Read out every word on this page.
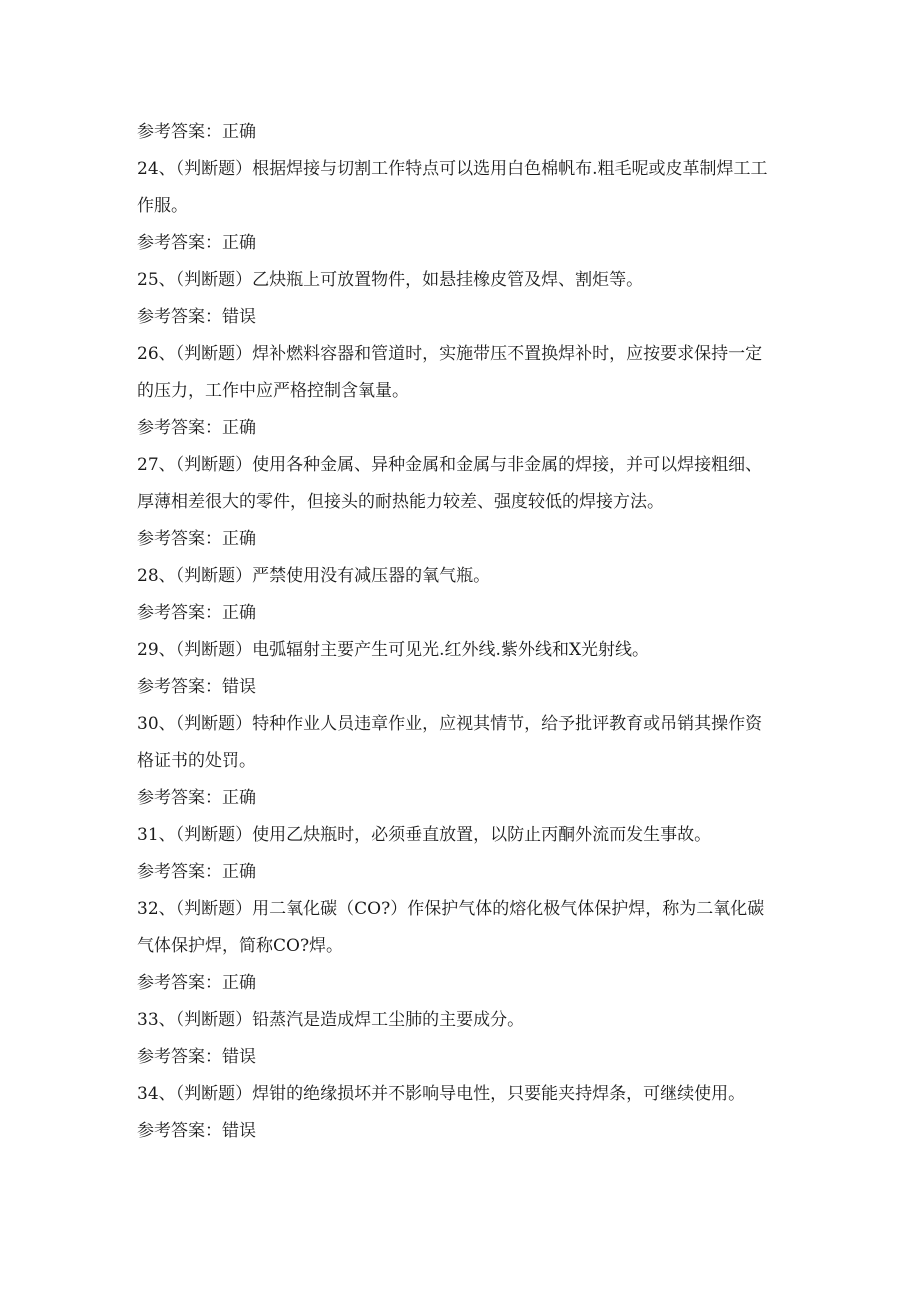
参考答案：正确
24、（判断题）根据焊接与切割工作特点可以选用白色棉帆布.粗毛呢或皮革制焊工工作服。
参考答案：正确
25、（判断题）乙炔瓶上可放置物件，如悬挂橡皮管及焊、割炬等。
参考答案：错误
26、（判断题）焊补燃料容器和管道时，实施带压不置换焊补时，应按要求保持一定的压力，工作中应严格控制含氧量。
参考答案：正确
27、（判断题）使用各种金属、异种金属和金属与非金属的焊接，并可以焊接粗细、厚薄相差很大的零件，但接头的耐热能力较差、强度较低的焊接方法。
参考答案：正确
28、（判断题）严禁使用没有减压器的氧气瓶。
参考答案：正确
29、（判断题）电弧辐射主要产生可见光.红外线.紫外线和X光射线。
参考答案：错误
30、（判断题）特种作业人员违章作业，应视其情节，给予批评教育或吊销其操作资格证书的处罚。
参考答案：正确
31、（判断题）使用乙炔瓶时，必须垂直放置，以防止丙酮外流而发生事故。
参考答案：正确
32、（判断题）用二氧化碳（CO?）作保护气体的熔化极气体保护焊，称为二氧化碳气体保护焊，简称CO?焊。
参考答案：正确
33、（判断题）铅蒸汽是造成焊工尘肺的主要成分。
参考答案：错误
34、（判断题）焊钳的绝缘损坏并不影响导电性，只要能夹持焊条，可继续使用。
参考答案：错误
